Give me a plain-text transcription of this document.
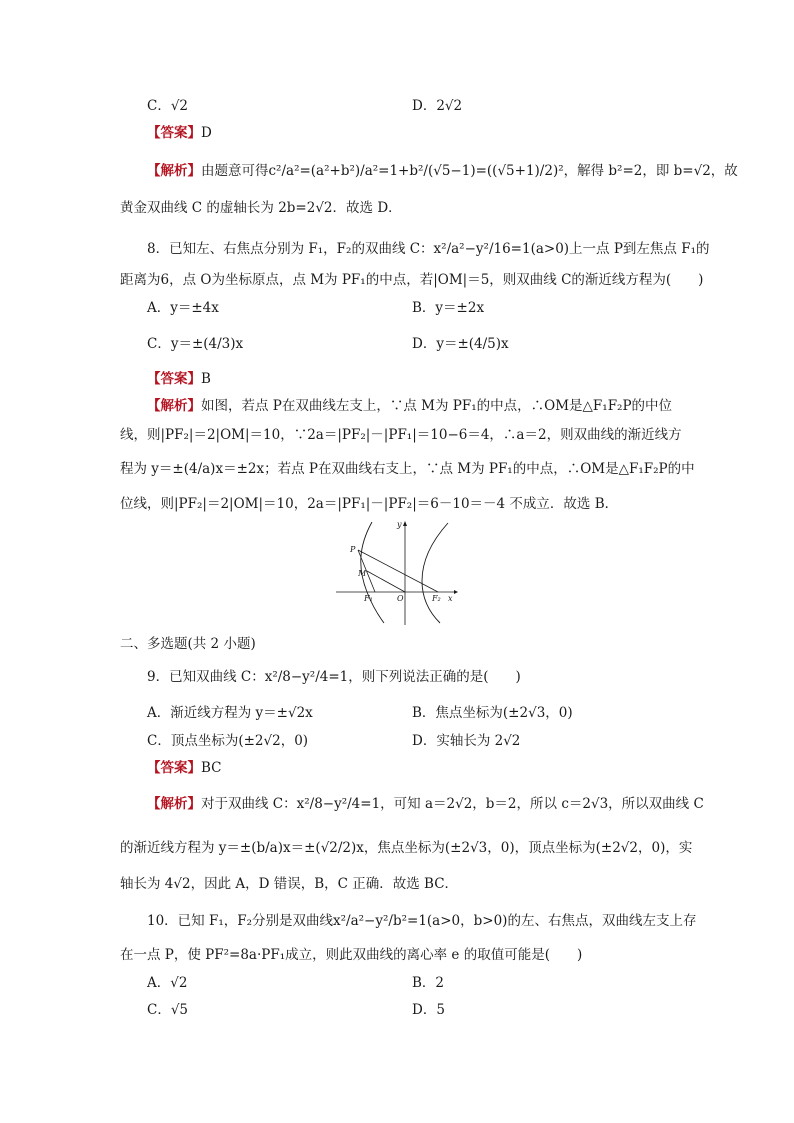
C．√2	D．2√2
【答案】D
【解析】由题意可得c²/a²=(a²+b²)/a²=1+b²/(√5−1)=((√5+1)/2)²，解得 b²=2，即 b=√2，故
黄金双曲线 C 的虚轴长为 2b=2√2．故选 D．
8．已知左、右焦点分别为 F₁，F₂的双曲线 C：x²/a²−y²/16=1(a>0)上一点 P到左焦点 F₁的
距离为6，点 O为坐标原点，点 M为 PF₁的中点，若|OM|＝5，则双曲线 C的渐近线方程为(　　)
A．y＝±4x	B．y＝±2x
C．y＝±(4/3)x	D．y＝±(4/5)x
【答案】B
【解析】如图，若点 P在双曲线左支上，∵点 M为 PF₁的中点，∴OM是△F₁F₂P的中位
线，则|PF₂|＝2|OM|＝10，∵2a＝|PF₂|－|PF₁|＝10−6＝4，∴a＝2，则双曲线的渐近线方
程为 y＝±(4/a)x＝±2x；若点 P在双曲线右支上，∵点 M为 PF₁的中点，∴OM是△F₁F₂P的中
位线，则|PF₂|＝2|OM|＝10，2a＝|PF₁|－|PF₂|＝6－10＝－4 不成立．故选 B．
P
M
O
F₁	F₂ x
y
二、多选题(共 2 小题)
9．已知双曲线 C：x²/8−y²/4=1，则下列说法正确的是(　　)
A．渐近线方程为 y＝±√2x	B．焦点坐标为(±2√3，0)
C．顶点坐标为(±2√2，0)	D．实轴长为 2√2
【答案】BC
【解析】对于双曲线 C：x²/8−y²/4=1，可知 a＝2√2，b＝2，所以 c＝2√3，所以双曲线 C
的渐近线方程为 y＝±(b/a)x＝±(√2/2)x，焦点坐标为(±2√3，0)，顶点坐标为(±2√2，0)，实
轴长为 4√2，因此 A，D 错误，B，C 正确．故选 BC．
10．已知 F₁，F₂分别是双曲线x²/a²−y²/b²=1(a>0，b>0)的左、右焦点，双曲线左支上存
在一点 P，使 PF²=8a·PF₁成立，则此双曲线的离心率 e 的取值可能是(　　)
A．√2	B．2
C．√5	D．5
